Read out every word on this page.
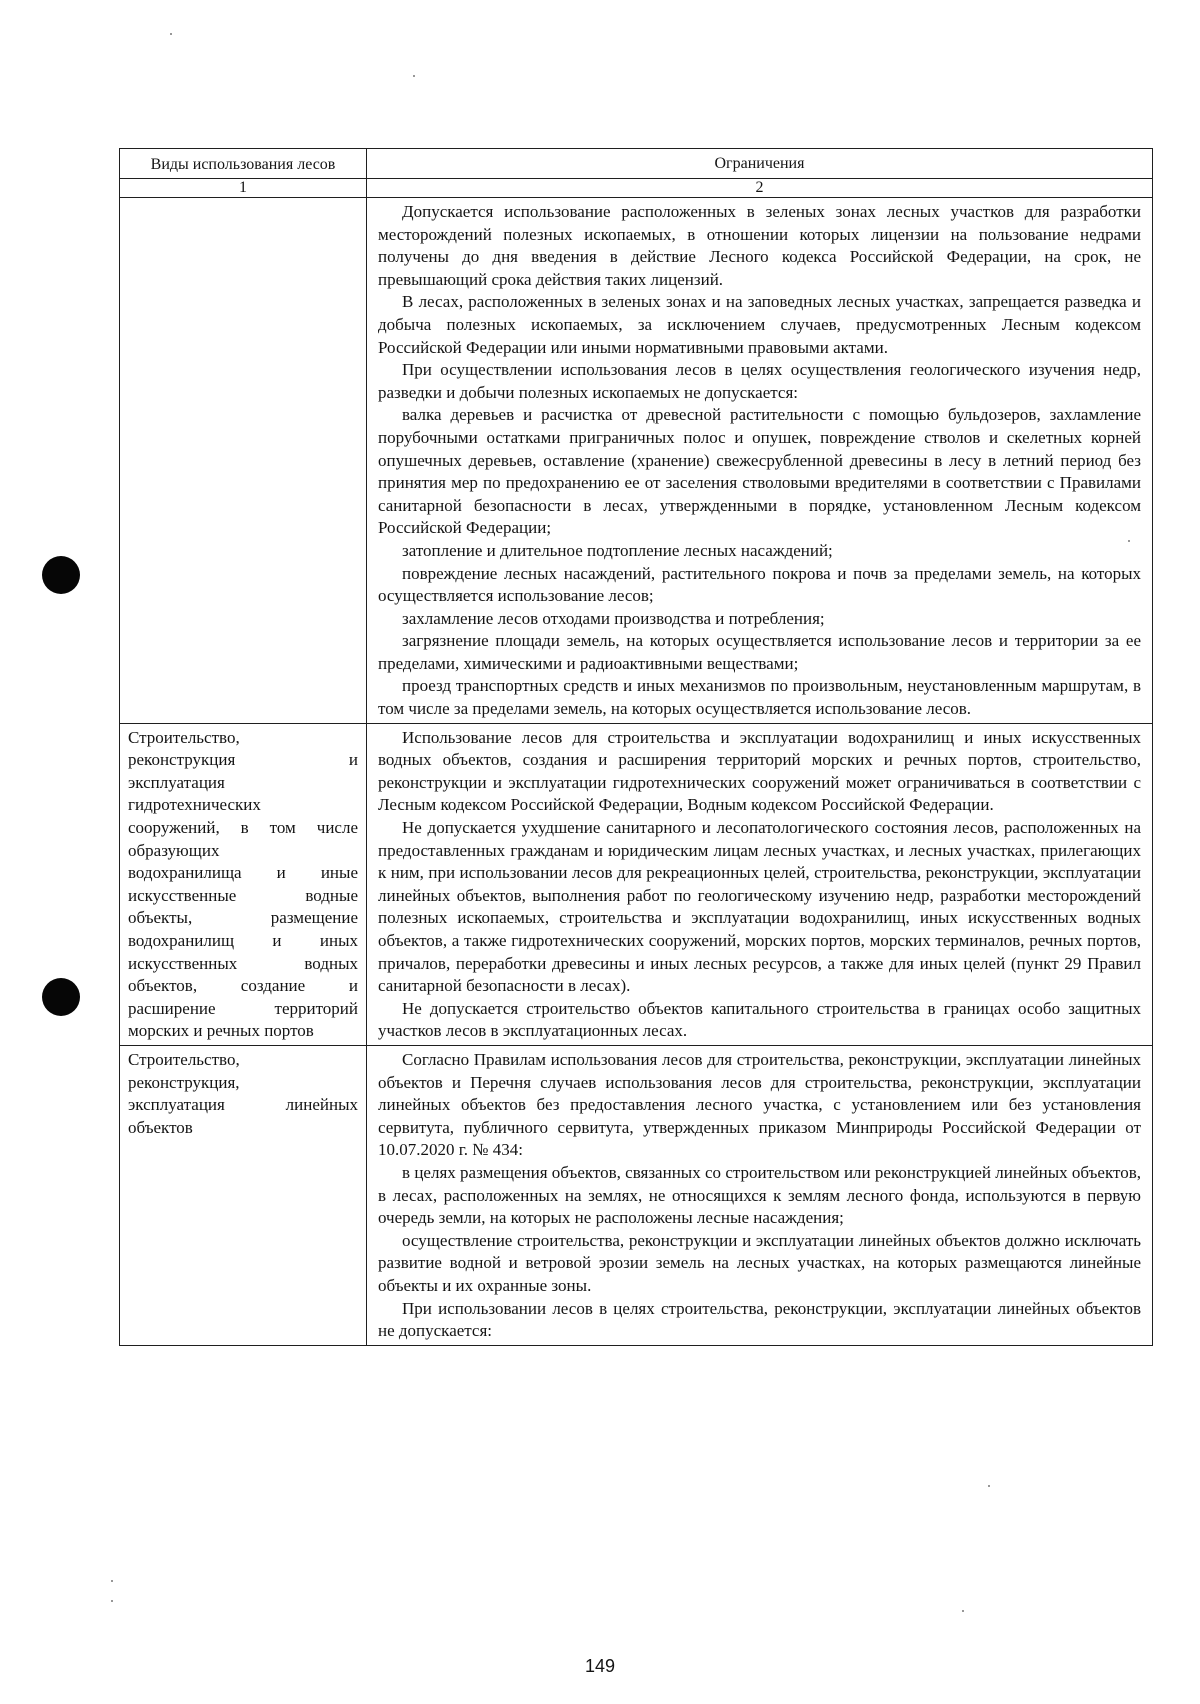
Виды использования лесов	Ограничения
1	2

Допускается использование расположенных в зеленых зонах лесных участков для разработки месторождений полезных ископаемых, в отношении которых лицензии на пользование недрами получены до дня введения в действие Лесного кодекса Российской Федерации, на срок, не превышающий срока действия таких лицензий.

В лесах, расположенных в зеленых зонах и на заповедных лесных участках, запрещается разведка и добыча полезных ископаемых, за исключением случаев, предусмотренных Лесным кодексом Российской Федерации или иными нормативными правовыми актами.

При осуществлении использования лесов в целях осуществления геологического изучения недр, разведки и добычи полезных ископаемых не допускается:

валка деревьев и расчистка от древесной растительности с помощью бульдозеров, захламление порубочными остатками приграничных полос и опушек, повреждение стволов и скелетных корней опушечных деревьев, оставление (хранение) свежесрубленной древесины в лесу в летний период без принятия мер по предохранению ее от заселения стволовыми вредителями в соответствии с Правилами санитарной безопасности в лесах, утвержденными в порядке, установленном Лесным кодексом Российской Федерации;

затопление и длительное подтопление лесных насаждений;

повреждение лесных насаждений, растительного покрова и почв за пределами земель, на которых осуществляется использование лесов;

захламление лесов отходами производства и потребления;

загрязнение площади земель, на которых осуществляется использование лесов и территории за ее пределами, химическими и радиоактивными веществами;

проезд транспортных средств и иных механизмов по произвольным, неустановленным маршрутам, в том числе за пределами земель, на которых осуществляется использование лесов.

Строительство,
реконструкция и
эксплуатация
гидротехнических
сооружений, в том числе
образующих
водохранилища и иные
искусственные водные
объекты, размещение
водохранилищ и иных
искусственных водных
объектов, создание и
расширение территорий
морских и речных портов

Использование лесов для строительства и эксплуатации водохранилищ и иных искусственных водных объектов, создания и расширения территорий морских и речных портов, строительство, реконструкции и эксплуатации гидротехнических сооружений может ограничиваться в соответствии с Лесным кодексом Российской Федерации, Водным кодексом Российской Федерации.

Не допускается ухудшение санитарного и лесопатологического состояния лесов, расположенных на предоставленных гражданам и юридическим лицам лесных участках, и лесных участках, прилегающих к ним, при использовании лесов для рекреационных целей, строительства, реконструкции, эксплуатации линейных объектов, выполнения работ по геологическому изучению недр, разработки месторождений полезных ископаемых, строительства и эксплуатации водохранилищ, иных искусственных водных объектов, а также гидротехнических сооружений, морских портов, морских терминалов, речных портов, причалов, переработки древесины и иных лесных ресурсов, а также для иных целей (пункт 29 Правил санитарной безопасности в лесах).

Не допускается строительство объектов капитального строительства в границах особо защитных участков лесов в эксплуатационных лесах.

Строительство,
реконструкция,
эксплуатация линейных
объектов

Согласно Правилам использования лесов для строительства, реконструкции, эксплуатации линейных объектов и Перечня случаев использования лесов для строительства, реконструкции, эксплуатации линейных объектов без предоставления лесного участка, с установлением или без установления сервитута, публичного сервитута, утвержденных приказом Минприроды Российской Федерации от 10.07.2020 г. № 434:

в целях размещения объектов, связанных со строительством или реконструкцией линейных объектов, в лесах, расположенных на землях, не относящихся к землям лесного фонда, используются в первую очередь земли, на которых не расположены лесные насаждения;

осуществление строительства, реконструкции и эксплуатации линейных объектов должно исключать развитие водной и ветровой эрозии земель на лесных участках, на которых размещаются линейные объекты и их охранные зоны.

При использовании лесов в целях строительства, реконструкции, эксплуатации линейных объектов не допускается:

149
